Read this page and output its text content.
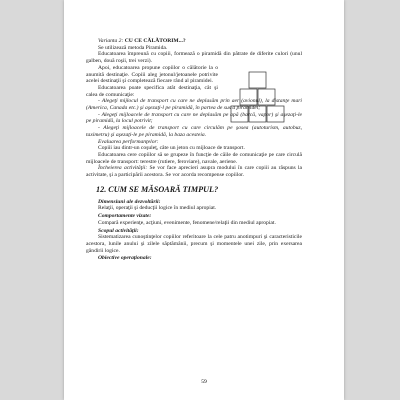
Varianta 2: CU CE CĂLĂTORIM...?

Se utilizează metoda Piramida.

Educatoarea împreună cu copiii, formează o piramidă din pătrate de diferite culori (unul galben, două roşii, trei verzi).

Apoi, educatoarea propune copiilor o călătorie la o anumită destinaţie. Copiii aleg jetonul/jetoanele potrivite acelei destinaţii şi completează fiecare rând al piramidei.

Educatoarea poate specifica atât destinaţia, cât şi calea de comunicaţie:

- Alegeţi mijlocul de transport cu care ne deplasăm prin aer (avionul), la distanţe mari (America, Canada etc.) şi aşezaţi-l pe piramidă, în partea de sus a piramidei;

- Alegeţi mijloacele de transport cu care ne deplasăm pe apă (barcă, vapor) şi aşezaţi-le pe piramidă, la locul potrivit;

- Alegeţi mijloacele de transport cu care circulăm pe şosea (autoturism, autobuz, taximetru) şi aşezaţi-le pe piramidă, la baza acesteia.

Evaluarea performanţelor:

Copiii iau dintr-un coşuleţ, câte un jeton cu mijloace de transport.

Educatoarea cere copiilor să se grupeze în funcţie de căile de comunicaţie pe care circulă mijloacele de transport: terestre (rutiere, feroviare), navale, aeriene.

Încheierea activităţii: Se vor face aprecieri asupra modului în care copiii au răspuns la activitate, şi a participării acestora. Se vor acorda recompense copiilor.

12. CUM SE MĂSOARĂ TIMPUL?

Dimensiuni ale dezvoltării:

Relaţii, operaţii şi deducţii logice în mediul apropiat.

Comportamente vizate:

Compară experienţe, acţiuni, evenimente, fenomene/relaţii din mediul apropiat.

Scopul activităţii:

Sistematizarea cunoştinţelor copiilor referitoare la cele patru anotimpuri şi caracteristicile acestora, lunile anului şi zilele săptămânii, precum şi momentele unei zile, prin exersarea gândirii logice.

Obiective operaţionale:

59
